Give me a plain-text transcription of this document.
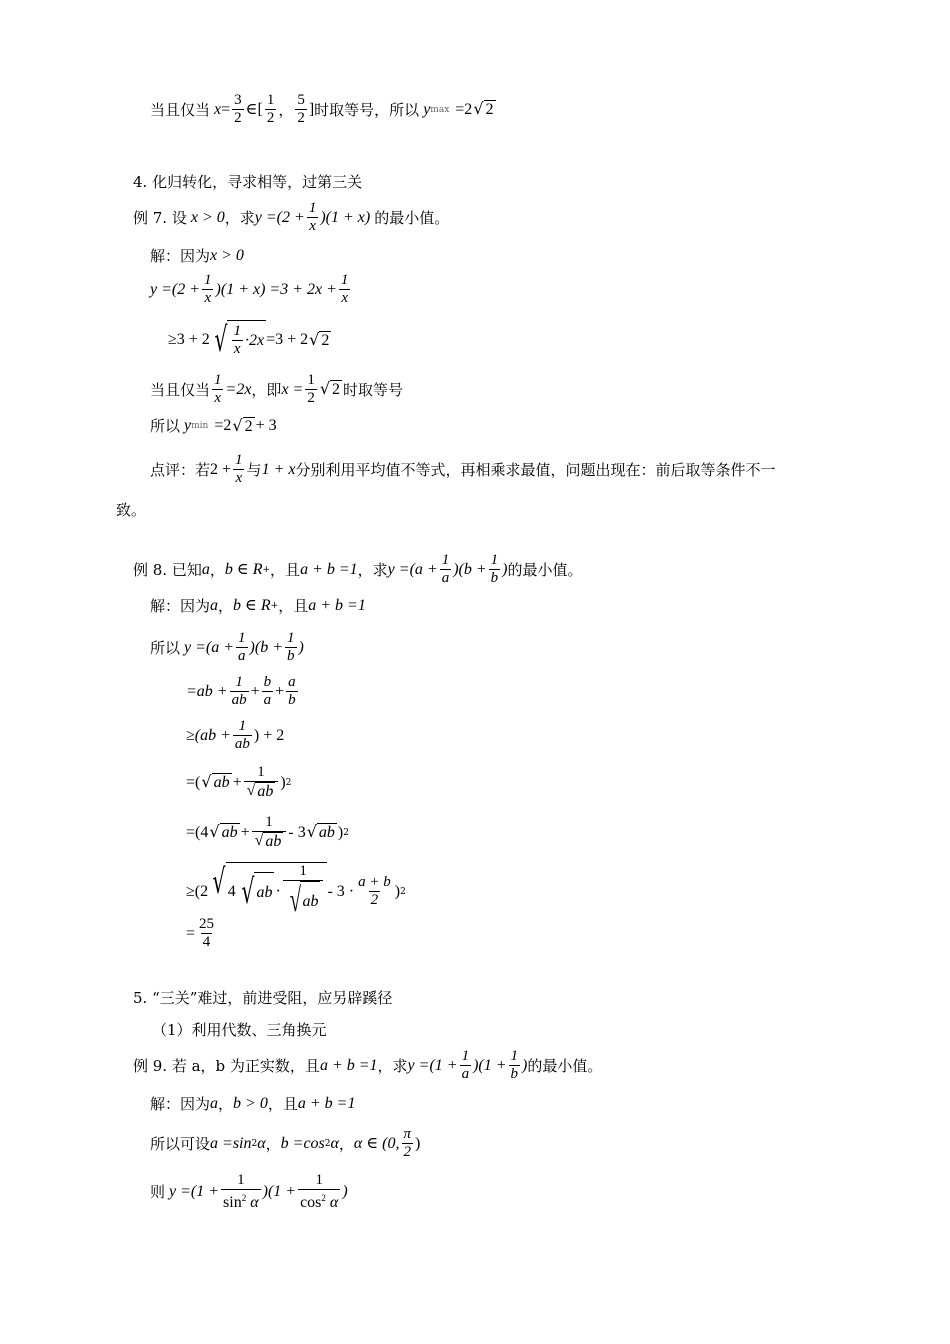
当且仅当 $x = \frac{3}{2}$ ∈[ $\frac{1}{2}$ ， $\frac{5}{2}$ ] 时取等号，所以 y max =2 √ 2
4. 化归转化，寻求相等，过第三关
例 7. 设 x > 0 ，求 $y =(2 + \frac{1}{x} )(1 + x)$ 的最小值。
解：因为 x > 0
$y =(2 + \frac{1}{x} )(1 + x) =3 + 2x + \frac{1}{x}$
≥3 + 2 √ $\frac{1}{x} \cdot 2x =3 + 2$ √ 2
当且仅当 $\frac{1}{x} =2x$ ，即 $x = \frac{1}{2}$ √ 2 时取等号
所以 y min =2 √ 2 + 3
点评：若 $2 + \frac{1}{x}$ 与 1 + x 分别利用平均值不等式，再相乘求最值，问题出现在：前后取等条件不一
致。
例 8. 已知 a ， b ∈ R + ，且 a + b =1 ，求 $y =(a + \frac{1}{a} )(b + \frac{1}{b}$ ) 的最小值。
解：因为 a ， b ∈ R + ，且 a + b =1
所以 $y =(a + \frac{1}{a} )(b + \frac{1}{b}$ )
$=ab + \frac{1}{ab} + \frac{b}{a} + \frac{a}{b}$
$\ge(ab + \frac{1}{ab}$ ) + 2
=( √ ab + $\frac{1}{√ ab}$ ) 2
=(4 √ ab + $\frac{1}{√ ab} - 3$ √ ab ) 2
≥(2 √ 4 √ ab · $\frac{1}{√ ab} - 3 \cdot \frac{a + b}{2}$ ) 2
= $\frac{25}{4}$
5. “三关”难过，前进受阻，应另辟蹊径
（1）利用代数、三角换元
例 9. 若 a，b 为正实数，且 a + b =1 ，求 $y =(1 + \frac{1}{a} )(1 + \frac{1}{b}$ ) 的最小值。
解：因为 a ， b > 0 ，且 a + b =1
所以可设 a =sin 2 α ， b =cos 2 α ， α ∈ (0, $\frac{\pi}{2}$ )
则 $y =(1 + \frac{1}{\sin^2 \alpha} )(1 + \frac{1}{\cos^2 \alpha}$ )
